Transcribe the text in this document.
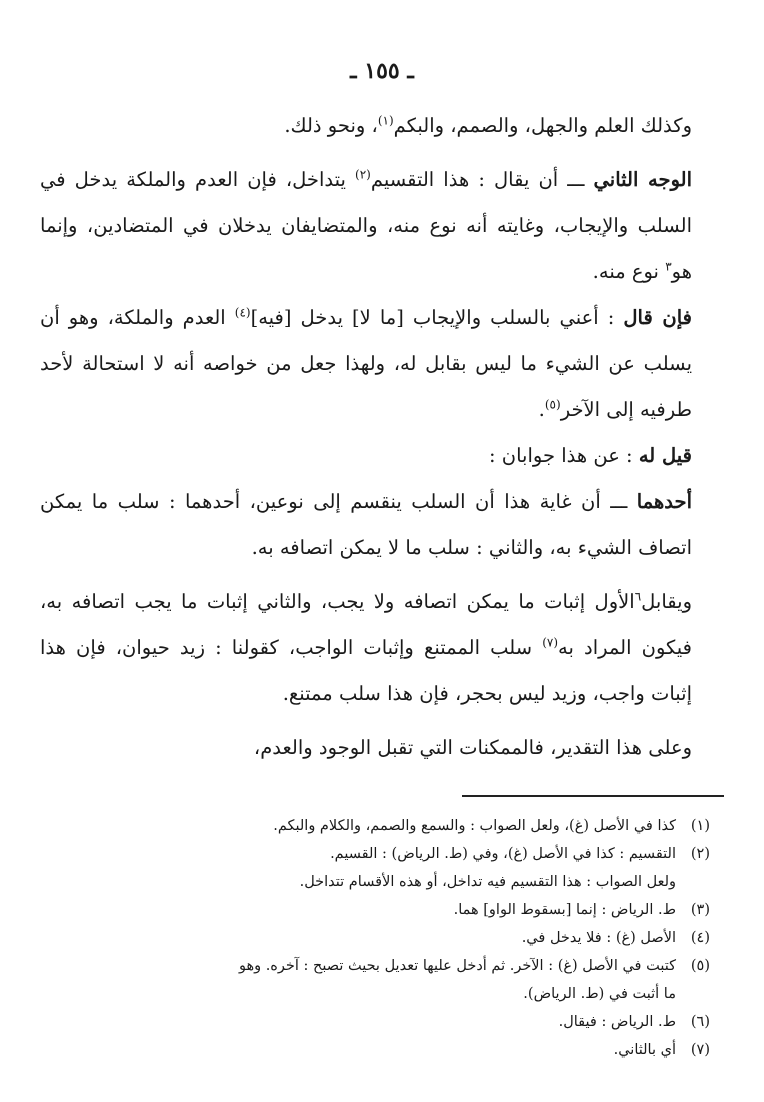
ـ ١٥٥ ـ

وكذلك العلم والجهل، والصمم، والبكم$^{(١)}$، ونحو ذلك.

الوجه الثاني ـــ أن يقال : هذا التقسيم$^{(٢)}$ يتداخل، فإن العدم والملكة يدخل في السلب والإيجاب، وغايته أنه نوع منه، والمتضايفان يدخلان في المتضادين، وإنما هو$^٣$ نوع منه.

فإن قال : أعني بالسلب والإيجاب [ما لا] يدخل [فيه]$^{(٤)}$ العدم والملكة، وهو أن يسلب عن الشيء ما ليس بقابل له، ولهذا جعل من خواصه أنه لا استحالة لأحد طرفيه إلى الآخر$^{(٥)}$.

قيل له : عن هذا جوابان :

أحدهما ـــ أن غاية هذا أن السلب ينقسم إلى نوعين، أحدهما : سلب ما يمكن اتصاف الشيء به، والثاني : سلب ما لا يمكن اتصافه به.

ويقابل$^٦$الأول إثبات ما يمكن اتصافه ولا يجب، والثاني إثبات ما يجب اتصافه به، فيكون المراد به$^{(٧)}$ سلب الممتنع وإثبات الواجب، كقولنا : زيد حيوان، فإن هذا إثبات واجب، وزيد ليس بحجر، فإن هذا سلب ممتنع.

وعلى هذا التقدير، فالممكنات التي تقبل الوجود والعدم،

(١)
كذا في الأصل (غ)، ولعل الصواب : والسمع والصمم، والكلام والبكم.
(٢)
التقسيم : كذا في الأصل (غ)، وفي (ط. الرياض) : القسيم.
ولعل الصواب : هذا التقسيم فيه تداخل، أو هذه الأقسام تتداخل.
(٣)
ط. الرياض : إنما [بسقوط الواو] هما.
(٤)
الأصل (غ) : فلا يدخل في.
(٥)
كتبت في الأصل (غ) : الآخر. ثم أدخل عليها تعديل بحيث تصبح : آخره. وهو
ما أثبت في (ط. الرياض).
(٦)
ط. الرياض : فيقال.
(٧)
أي بالثاني.
